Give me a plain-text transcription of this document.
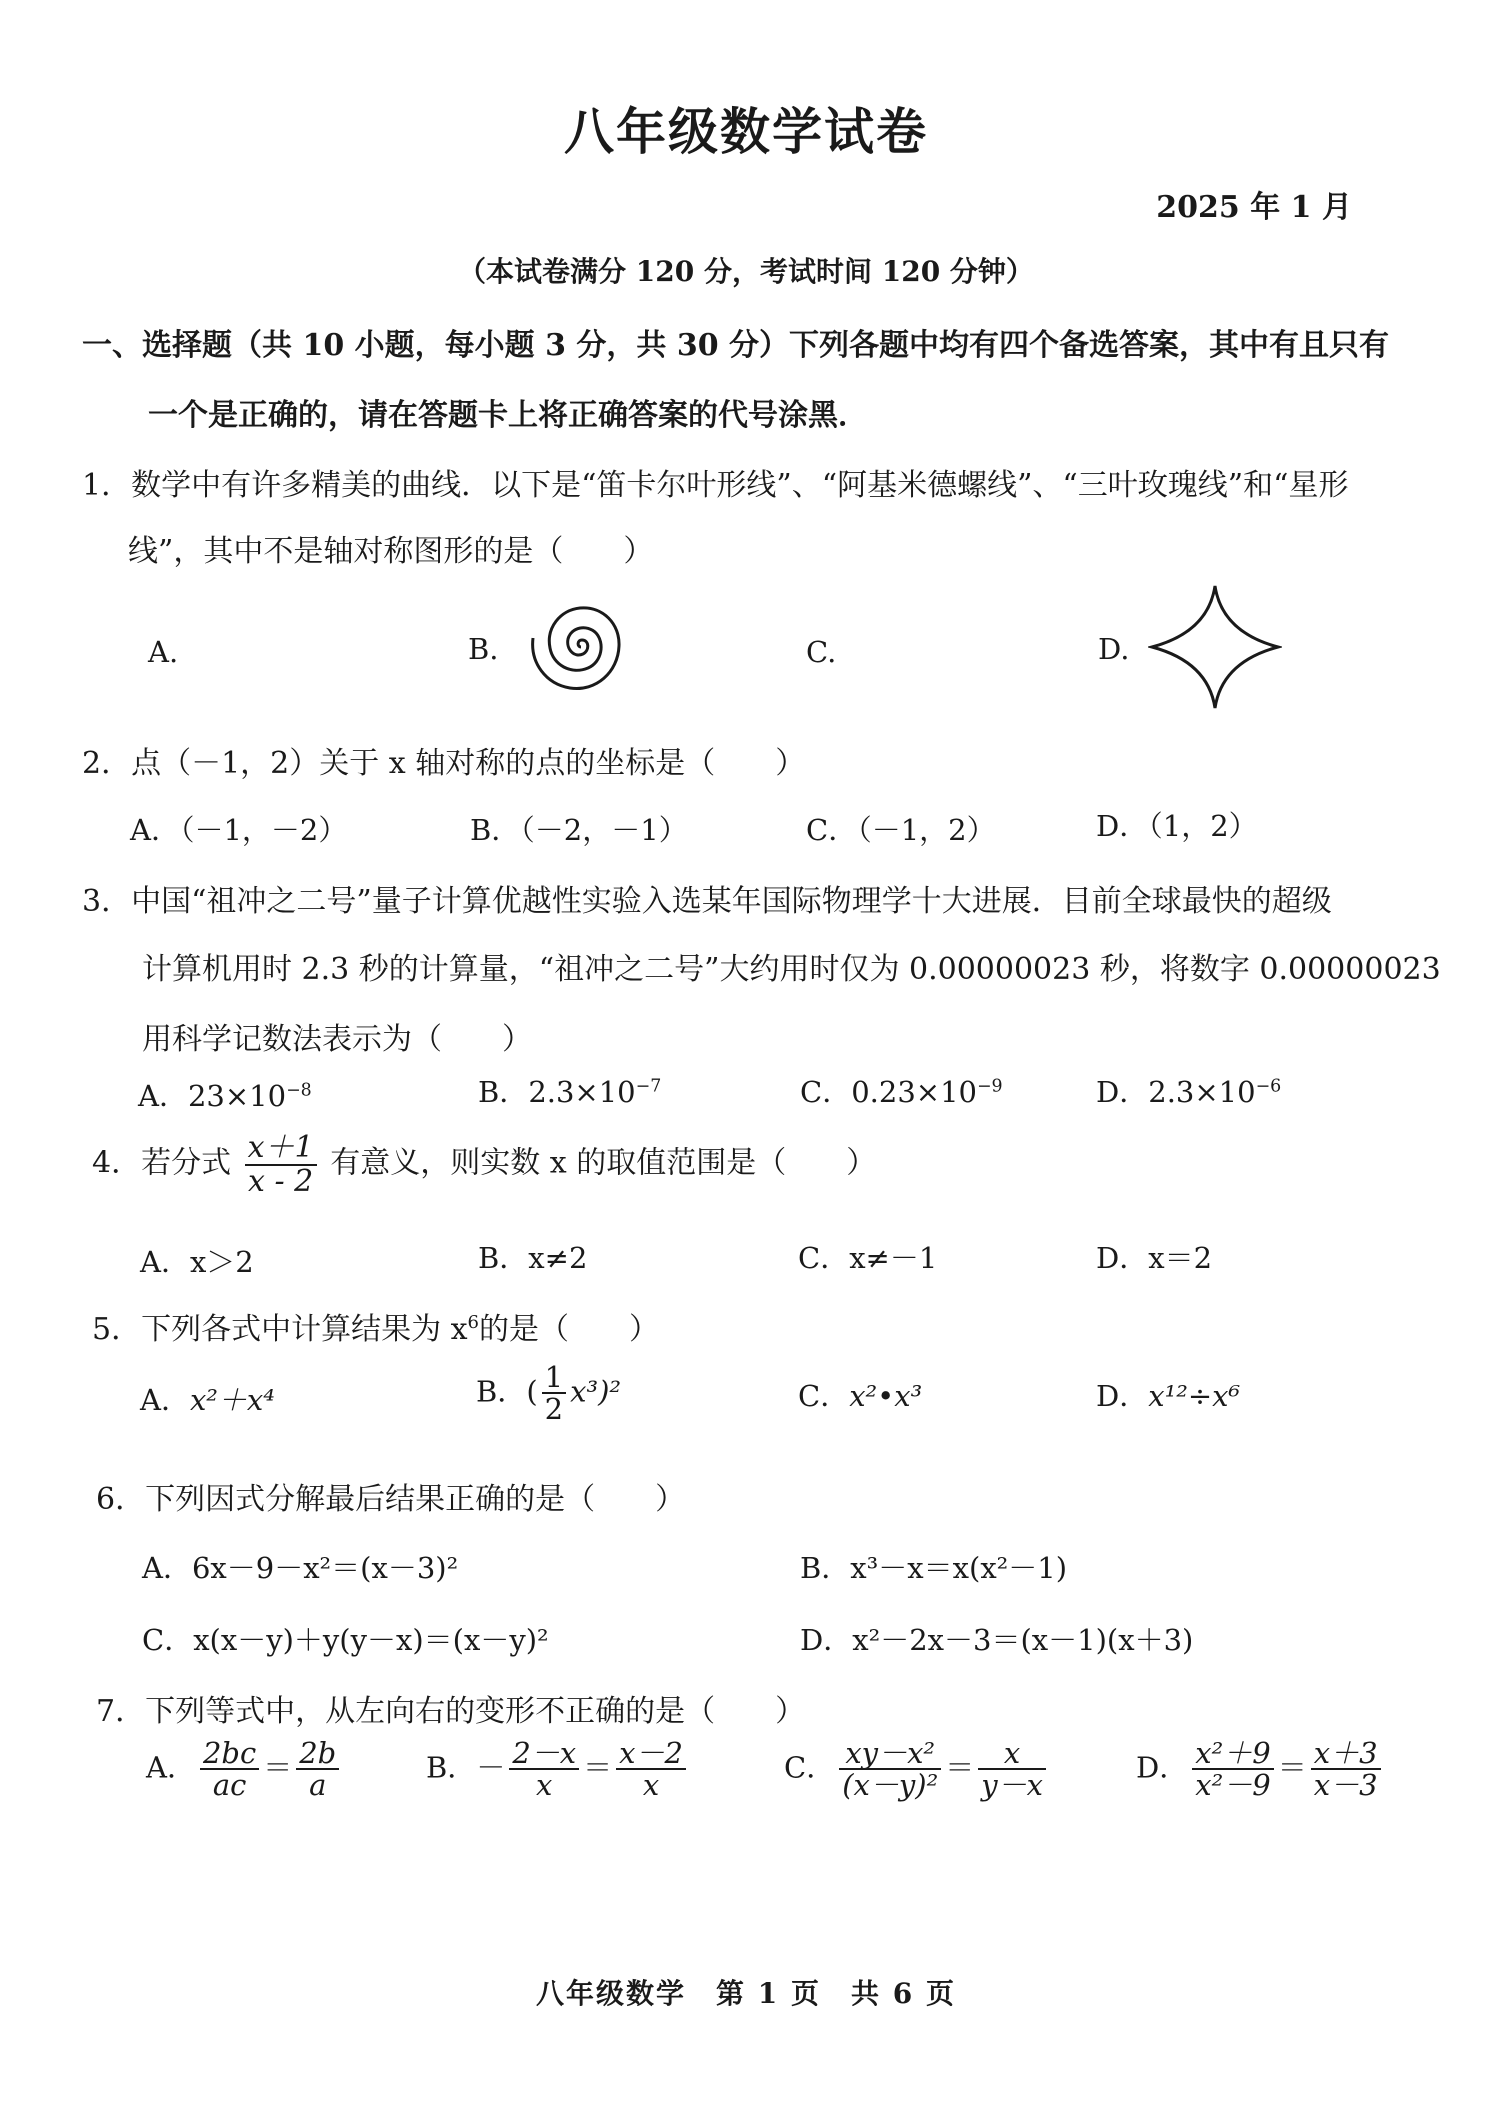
八年级数学试卷
2025 年 1 月
（本试卷满分 120 分，考试时间 120 分钟）
一、选择题（共 10 小题，每小题 3 分，共 30 分）下列各题中均有四个备选答案，其中有且只有
一个是正确的，请在答题卡上将正确答案的代号涂黑．
1．数学中有许多精美的曲线．以下是“笛卡尔叶形线”、“阿基米德螺线”、“三叶玫瑰线”和“星形
线”，其中不是轴对称图形的是（　　）
A.	B.	C.	D.
2．点（－1，2）关于 x 轴对称的点的坐标是（　　）
A．（－1，－2）	B．（－2，－1）	C．（－1，2）	D．（1，2）
3．中国“祖冲之二号”量子计算优越性实验入选某年国际物理学十大进展．目前全球最快的超级
计算机用时 2.3 秒的计算量，“祖冲之二号”大约用时仅为 0.00000023 秒，将数字 0.00000023
用科学记数法表示为（　　）
A．$23\times 10^{-8}$	B．$2.3\times 10^{-7}$	C．$0.23\times 10^{-9}$	D．$2.3\times 10^{-6}$
4．若分式 $\frac{x+1}{x - 2}$ 有意义，则实数 x 的取值范围是（　　）
A．x＞2	B．x≠2	C．x≠－1	D．x＝2
5．下列各式中计算结果为 $x^6$的是（　　）
A．x²＋x⁴	B．( $\frac{1}{2} x^3)^2$	C．x²•x³	D．x¹²÷x⁶
6．下列因式分解最后结果正确的是（　　）
A．6x－9－x²＝(x－3)²	B．x³－x＝x(x²－1)
C．x(x－y)＋y(y－x)＝(x－y)²	D．x²－2x－3＝(x－1)(x＋3)
7．下列等式中，从左向右的变形不正确的是（　　）
A． $\frac{2bc}{ac} = \frac{2b}{a}$	B．－ $\frac{2-x}{x} = \frac{x-2}{x}$	C． $\frac{\text{xy－x²}}{\text{(x－y)²}} = \frac{x}{y-x}$	D． $\frac{\text{x²＋9}}{\text{x²－9}} = \frac{x+3}{x-3}$
八年级数学　第 1 页　共 6 页
